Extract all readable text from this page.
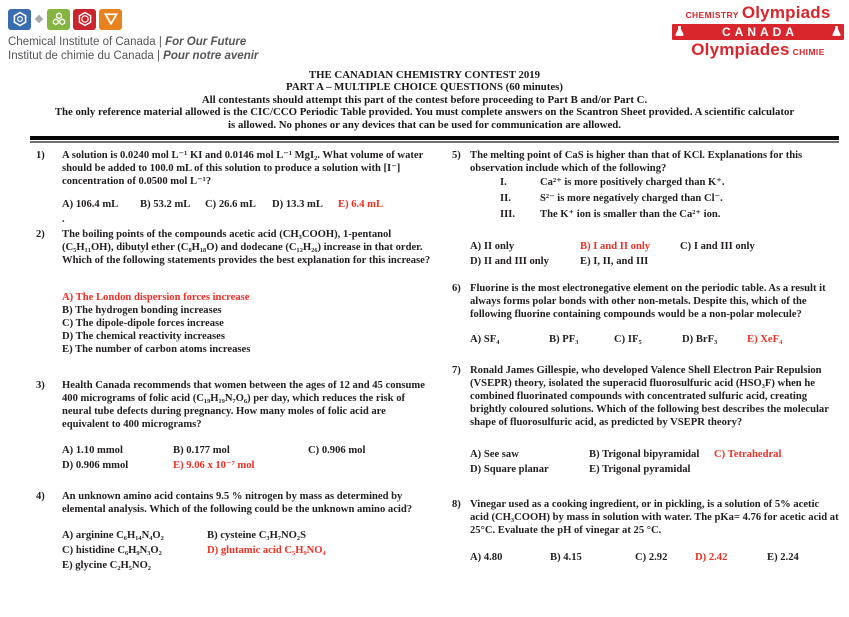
Chemical Institute of Canada | For Our Future
Institut de chimie du Canada | Pour notre avenir
CHEMISTRY Olympiads
CANADA
Olympiades CHIMIE
THE CANADIAN CHEMISTRY CONTEST 2019
PART A – MULTIPLE CHOICE QUESTIONS (60 minutes)
All contestants should attempt this part of the contest before proceeding to Part B and/or Part C.
The only reference material allowed is the CIC/CCO Periodic Table provided. You must complete answers on the Scantron Sheet provided. A scientific calculator is allowed. No phones or any devices that can be used for communication are allowed.
1)	A solution is 0.0240 mol L⁻¹ KI and 0.0146 mol L⁻¹ MgI₂. What volume of water should be added to 100.0 mL of this solution to produce a solution with [I⁻] concentration of 0.0500 mol L⁻¹?
A) 106.4 mL	B) 53.2 mL	C) 26.6 mL	D) 13.3 mL	E) 6.4 mL
.
2)	The boiling points of the compounds acetic acid (CH₃COOH), 1-pentanol (C₅H₁₁OH), dibutyl ether (C₈H₁₈O) and dodecane (C₁₂H₂₆) increase in that order. Which of the following statements provides the best explanation for this increase?
A) The London dispersion forces increase
B) The hydrogen bonding increases
C) The dipole-dipole forces increase
D) The chemical reactivity increases
E) The number of carbon atoms increases
3)	Health Canada recommends that women between the ages of 12 and 45 consume 400 micrograms of folic acid (C₁₉H₁₉N₇O₆) per day, which reduces the risk of neural tube defects during pregnancy. How many moles of folic acid are equivalent to 400 micrograms?
A) 1.10 mmol	B) 0.177 mol	C) 0.906 mol
D) 0.906 mmol	E) 9.06 x 10⁻⁷ mol
4)	An unknown amino acid contains 9.5 % nitrogen by mass as determined by elemental analysis. Which of the following could be the unknown amino acid?
A) arginine C₆H₁₄N₄O₂	B) cysteine C₃H₇NO₂S
C) histidine C₆H₉N₃O₂	D) glutamic acid C₅H₉NO₄
E) glycine C₂H₅NO₂
5) The melting point of CaS is higher than that of KCl. Explanations for this observation include which of the following?
I.	Ca²⁺ is more positively charged than K⁺.
II.	S²⁻ is more negatively charged than Cl⁻.
III.	The K⁺ ion is smaller than the Ca²⁺ ion.
A) II only	B) I and II only	C) I and III only
D) II and III only	E) I, II, and III
6) Fluorine is the most electronegative element on the periodic table. As a result it always forms polar bonds with other non-metals. Despite this, which of the following fluorine containing compounds would be a non-polar molecule?
A) SF₄	B) PF₃	C) IF₅	D) BrF₃	E) XeF₄
7) Ronald James Gillespie, who developed Valence Shell Electron Pair Repulsion (VSEPR) theory, isolated the superacid fluorosulfuric acid (HSO₃F) when he combined fluorinated compounds with concentrated sulfuric acid, creating brightly coloured solutions. Which of the following best describes the molecular shape of fluorosulfuric acid, as predicted by VSEPR theory?
A) See saw	B) Trigonal bipyramidal	C) Tetrahedral
D) Square planar	E) Trigonal pyramidal
8) Vinegar used as a cooking ingredient, or in pickling, is a solution of 5% acetic acid (CH₃COOH) by mass in solution with water. The pKa= 4.76 for acetic acid at 25°C. Evaluate the pH of vinegar at 25 °C.
A) 4.80	B) 4.15	C) 2.92	D) 2.42	E) 2.24
